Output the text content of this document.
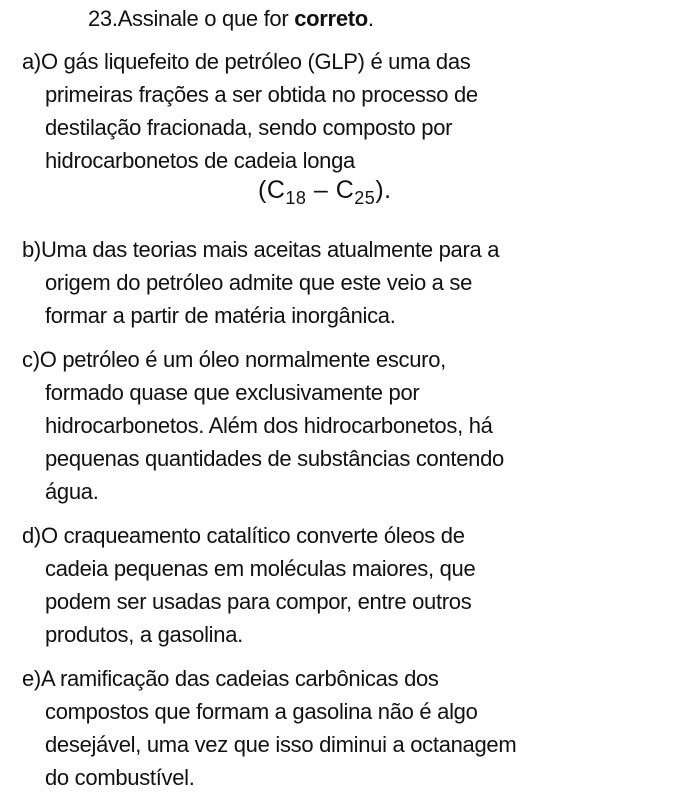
23.Assinale o que for correto.
a)O gás liquefeito de petróleo (GLP) é uma das
primeiras frações a ser obtida no processo de
destilação fracionada, sendo composto por
hidrocarbonetos de cadeia longa
$(C_{18} - C_{25})$.
b)Uma das teorias mais aceitas atualmente para a
origem do petróleo admite que este veio a se
formar a partir de matéria inorgânica.
c)O petróleo é um óleo normalmente escuro,
formado quase que exclusivamente por
hidrocarbonetos. Além dos hidrocarbonetos, há
pequenas quantidades de substâncias contendo
água.
d)O craqueamento catalítico converte óleos de
cadeia pequenas em moléculas maiores, que
podem ser usadas para compor, entre outros
produtos, a gasolina.
e)A ramificação das cadeias carbônicas dos
compostos que formam a gasolina não é algo
desejável, uma vez que isso diminui a octanagem
do combustível.
